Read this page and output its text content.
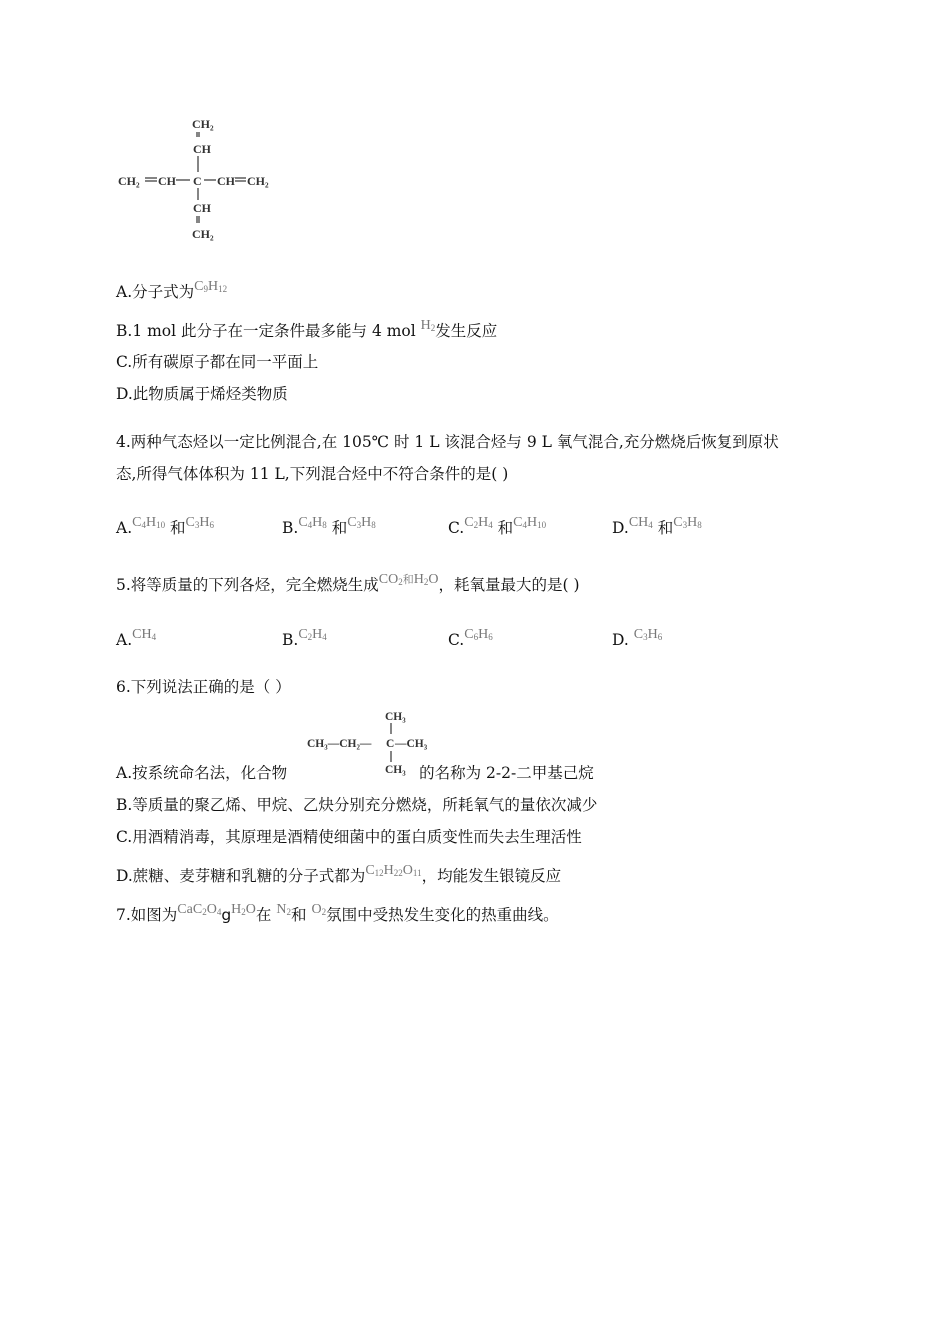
CH₂
CH
CH₂ CH C CH CH₂
CH
CH₂
A.分子式为$C_9H_{12}$
B.1 mol 此分子在一定条件最多能与 4 mol $H_2$发生反应
C.所有碳原子都在同一平面上
D.此物质属于烯烃类物质
4.两种气态烃以一定比例混合,在 105℃ 时 1 L 该混合烃与 9 L 氧气混合,充分燃烧后恢复到原状
态,所得气体体积为 11 L,下列混合烃中不符合条件的是( )
$A.C_4H_{10}$ 和$C_3H_6$	$B.C_4H_8$ 和$C_3H_8$	$C.C_2H_4$ 和$C_4H_{10}$	$D.CH_4$ 和$C_3H_8$
5.将等质量的下列各烃，完全燃烧生成$CO_2$和$H_2O$，耗氧量最大的是( )
$A.CH_4$	$B.C_2H_4$	$C.C_6H_6$	D. $C_3H_6$
6.下列说法正确的是（ ）
CH₃
CH₃—CH₂— C —CH₃
CH₃
A.按系统命名法，化合物	的名称为 2-2-二甲基己烷
B.等质量的聚乙烯、甲烷、乙炔分别充分燃烧，所耗氧气的量依次减少
C.用酒精消毒，其原理是酒精使细菌中的蛋白质变性而失去生理活性
D.蔗糖、麦芽糖和乳糖的分子式都为$C_{12}H_{22}O_{11}$，均能发生银镜反应
7.如图为$CaC_2O_4gH_2O$在 $N_2$和 $O_2$氛围中受热发生变化的热重曲线。
